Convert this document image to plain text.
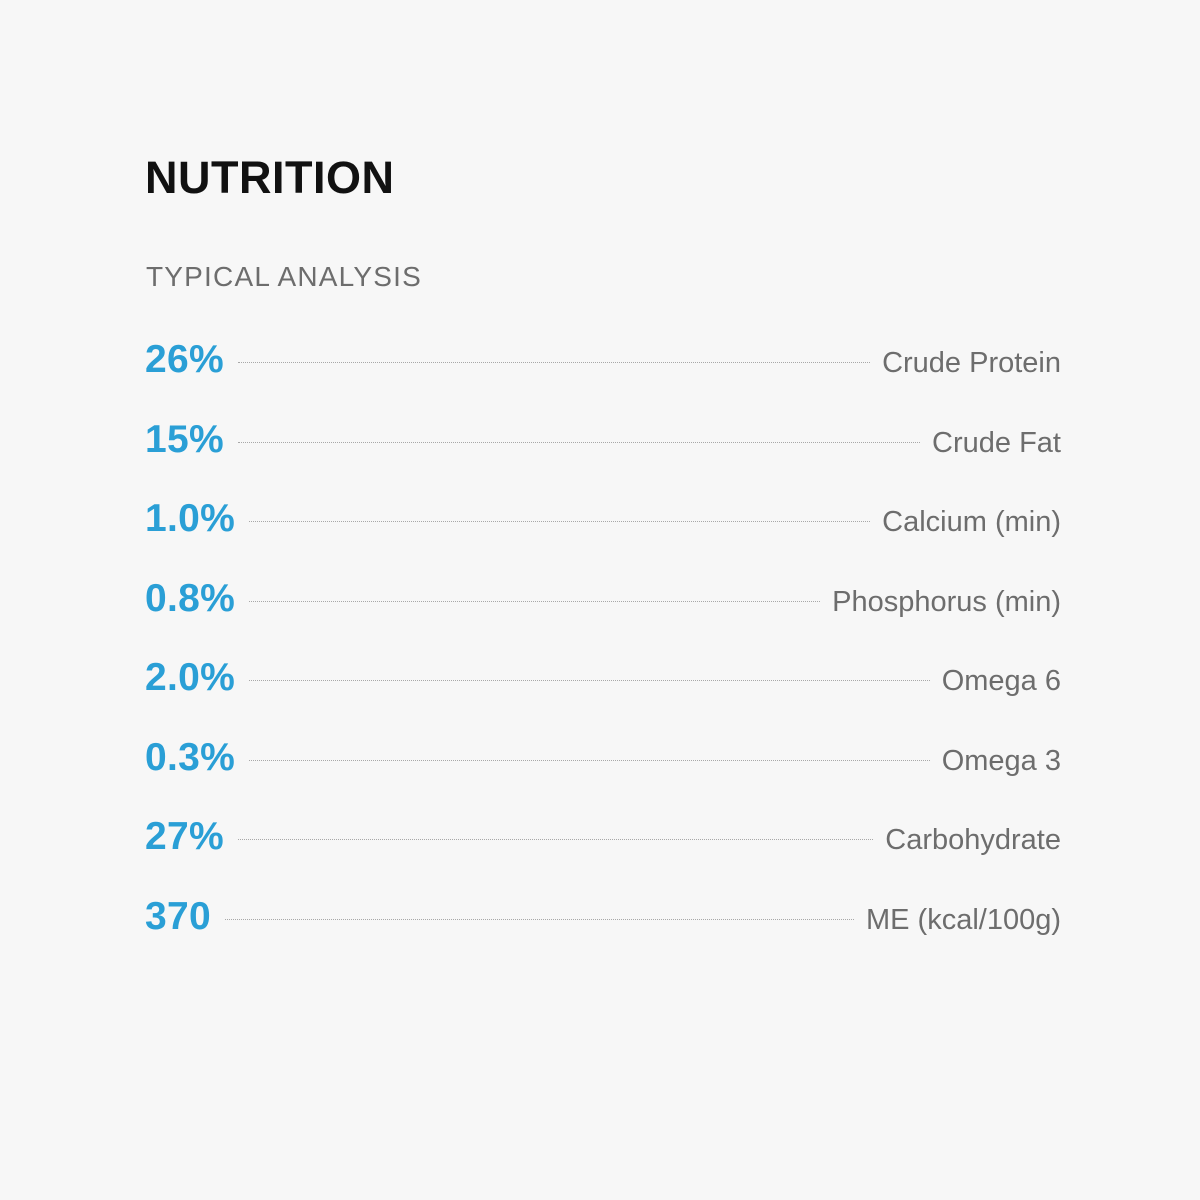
NUTRITION
TYPICAL ANALYSIS
26%	Crude Protein
15%	Crude Fat
1.0%	Calcium (min)
0.8%	Phosphorus (min)
2.0%	Omega 6
0.3%	Omega 3
27%	Carbohydrate
370	ME (kcal/100g)
